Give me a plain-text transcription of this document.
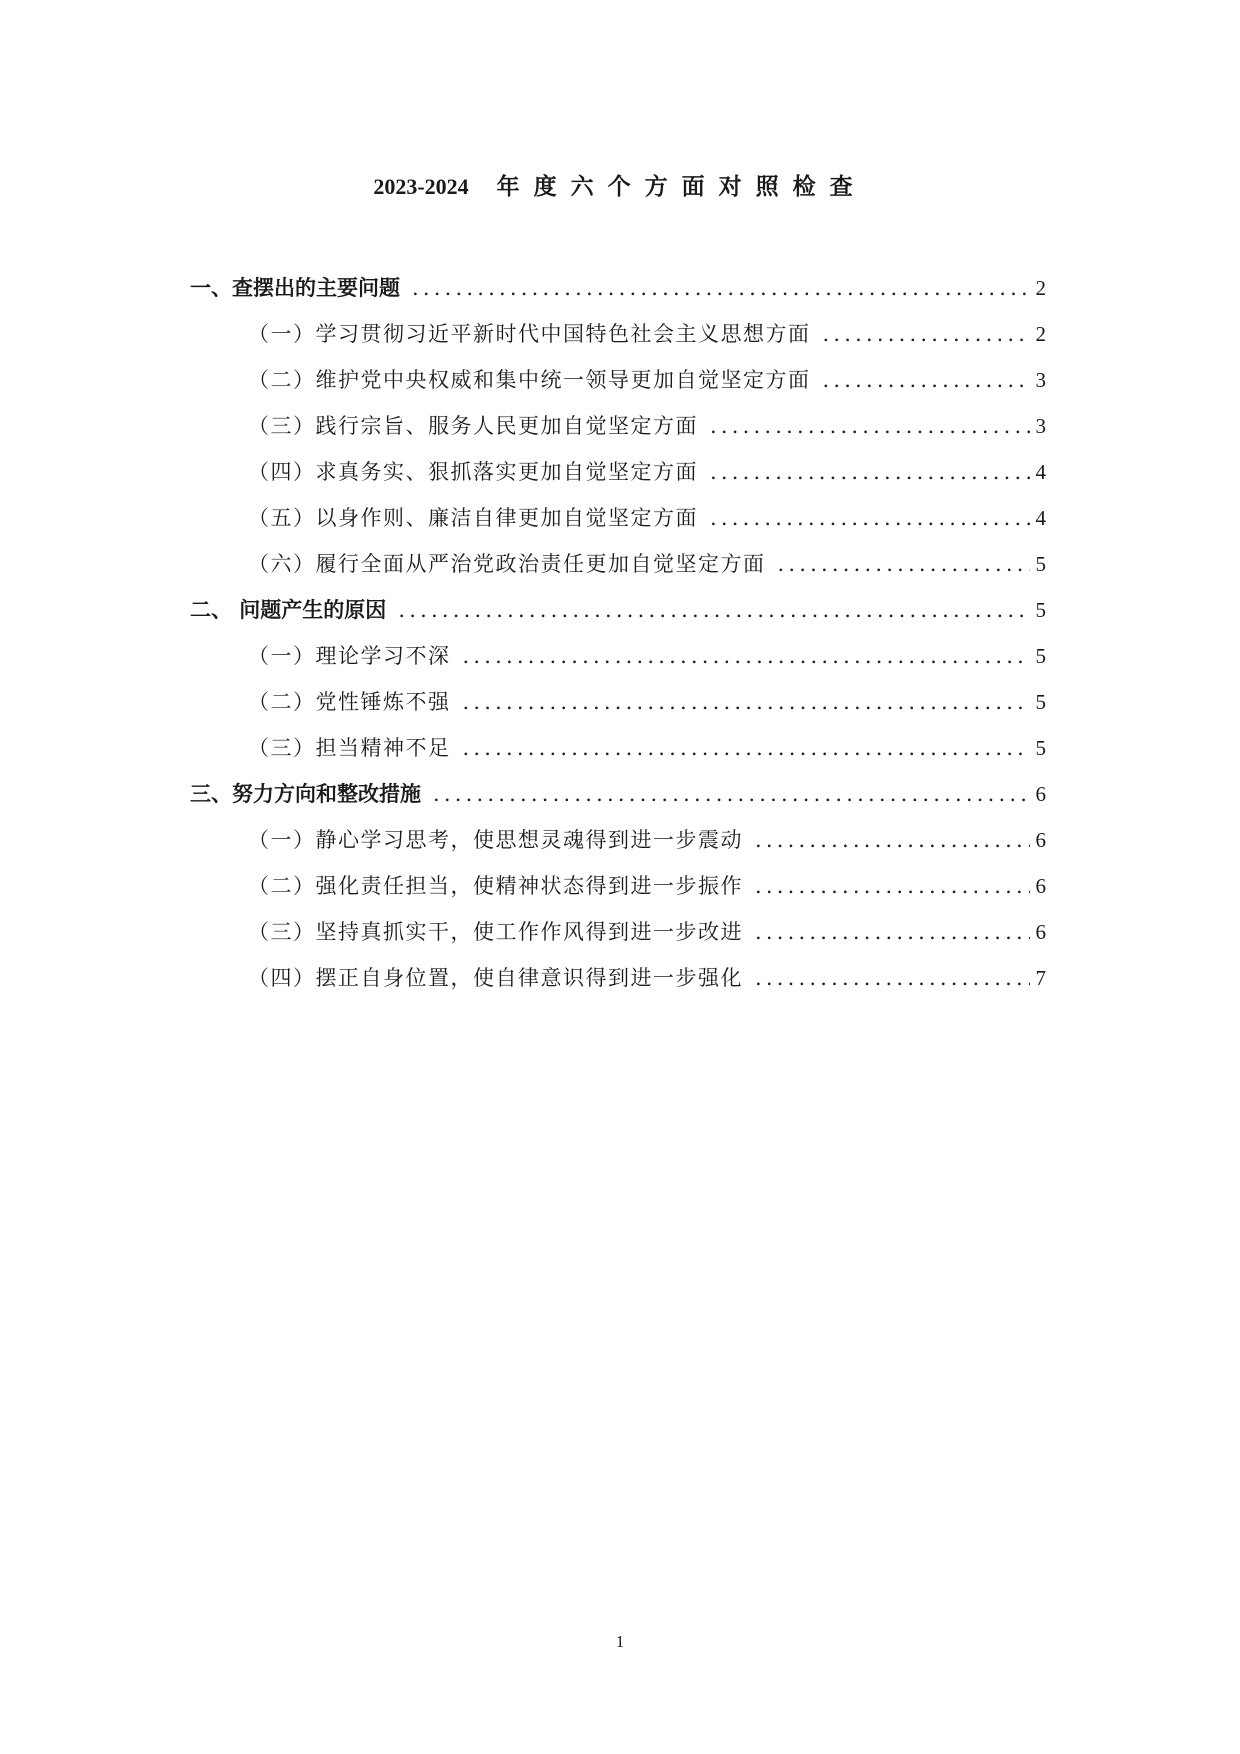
2023-2024 年度六个方面对照检查
一、查摆出的主要问题 .....	2
（一）学习贯彻习近平新时代中国特色社会主义思想方面 .....	2
（二）维护党中央权威和集中统一领导更加自觉坚定方面 .....	3
（三）践行宗旨、服务人民更加自觉坚定方面 .....	3
（四）求真务实、狠抓落实更加自觉坚定方面 .....	4
（五）以身作则、廉洁自律更加自觉坚定方面 .....	4
（六）履行全面从严治党政治责任更加自觉坚定方面 .....	5
二、 问题产生的原因 .....	5
（一）理论学习不深 .....	5
（二）党性锤炼不强 .....	5
（三）担当精神不足 .....	5
三、努力方向和整改措施 .....	6
（一）静心学习思考，使思想灵魂得到进一步震动 .....	6
（二）强化责任担当，使精神状态得到进一步振作 .....	6
（三）坚持真抓实干，使工作作风得到进一步改进 .....	6
（四）摆正自身位置，使自律意识得到进一步强化 .....	7
1
